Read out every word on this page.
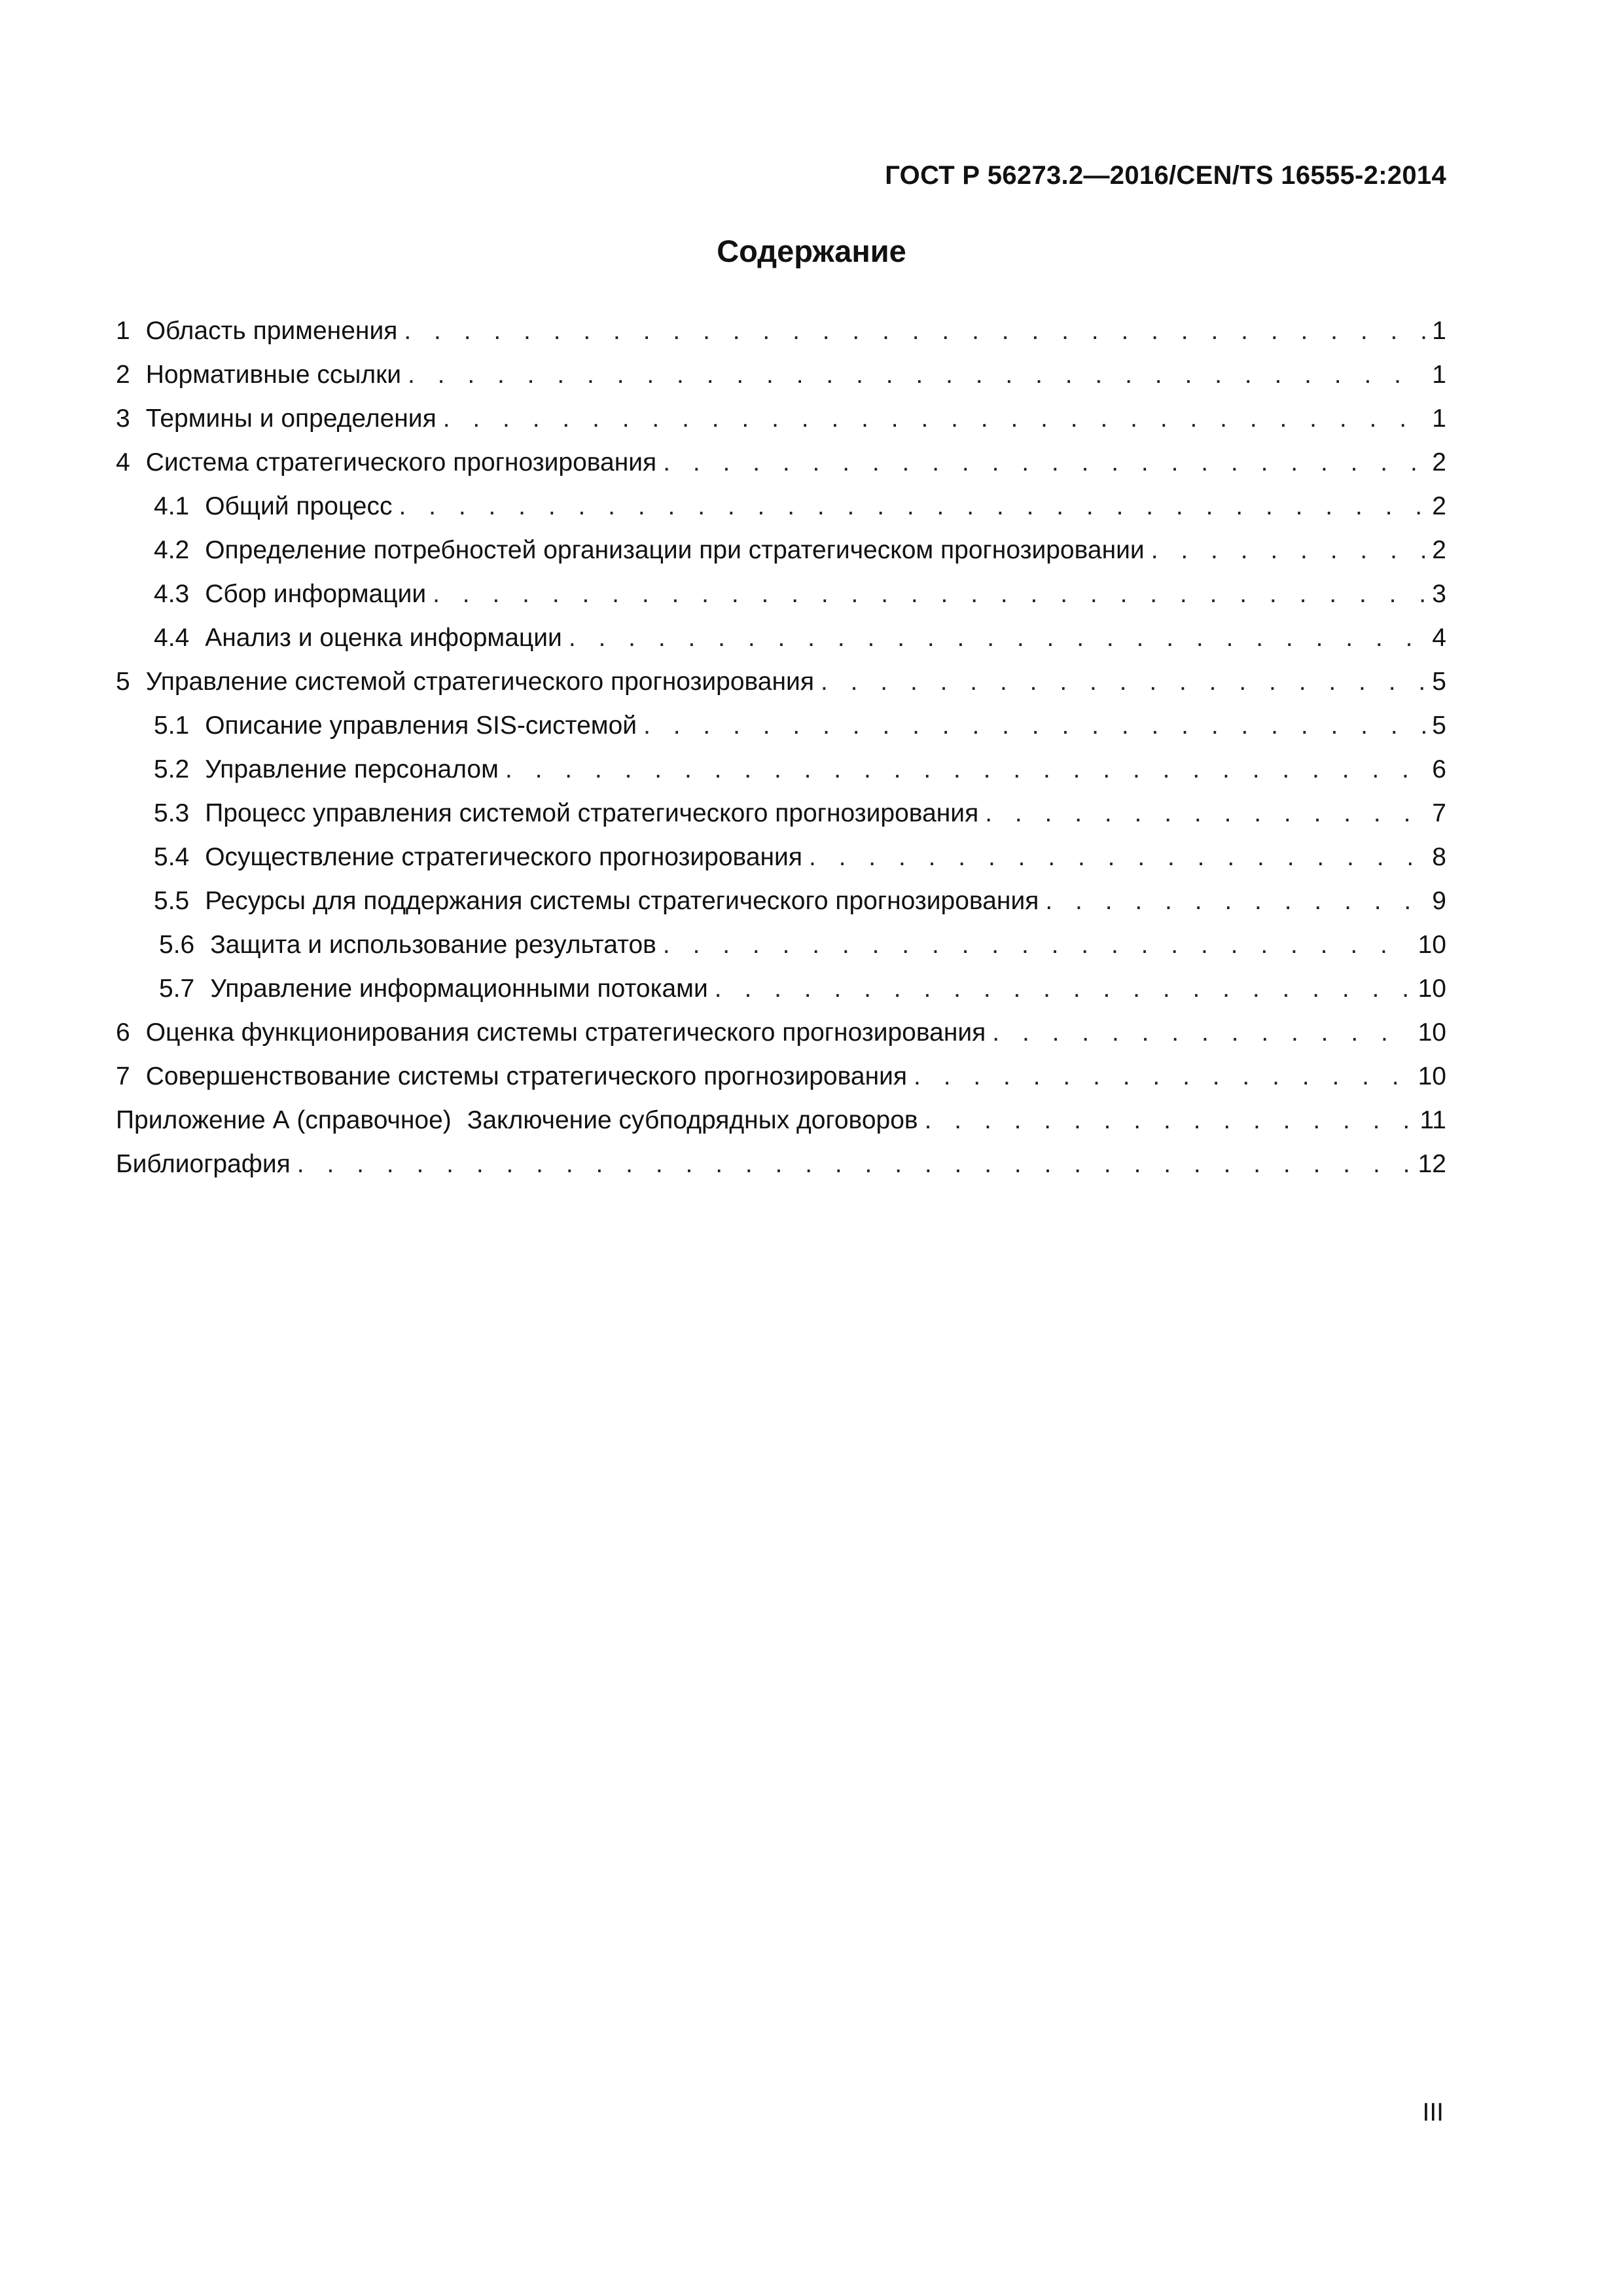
ГОСТ Р 56273.2—2016/CEN/TS 16555-2:2014
Содержание
1 Область применения . . .	1
2 Нормативные ссылки . . .	1
3 Термины и определения . . .	1
4 Система стратегического прогнозирования . . .	2
4.1 Общий процесс . . .	2
4.2 Определение потребностей организации при стратегическом прогнозировании . . .	2
4.3 Сбор информации . . .	3
4.4 Анализ и оценка информации . . .	4
5 Управление системой стратегического прогнозирования . . .	5
5.1 Описание управления SIS-системой . . .	5
5.2 Управление персоналом . . .	6
5.3 Процесс управления системой стратегического прогнозирования . . .	7
5.4 Осуществление стратегического прогнозирования . . .	8
5.5 Ресурсы для поддержания системы стратегического прогнозирования . . .	9
5.6 Защита и использование результатов . . .	10
5.7 Управление информационными потоками . . .	10
6 Оценка функционирования системы стратегического прогнозирования . . .	10
7 Совершенствование системы стратегического прогнозирования . . .	10
Приложение А (справочное) Заключение субподрядных договоров . . .	11
Библиография . . .	12
III
